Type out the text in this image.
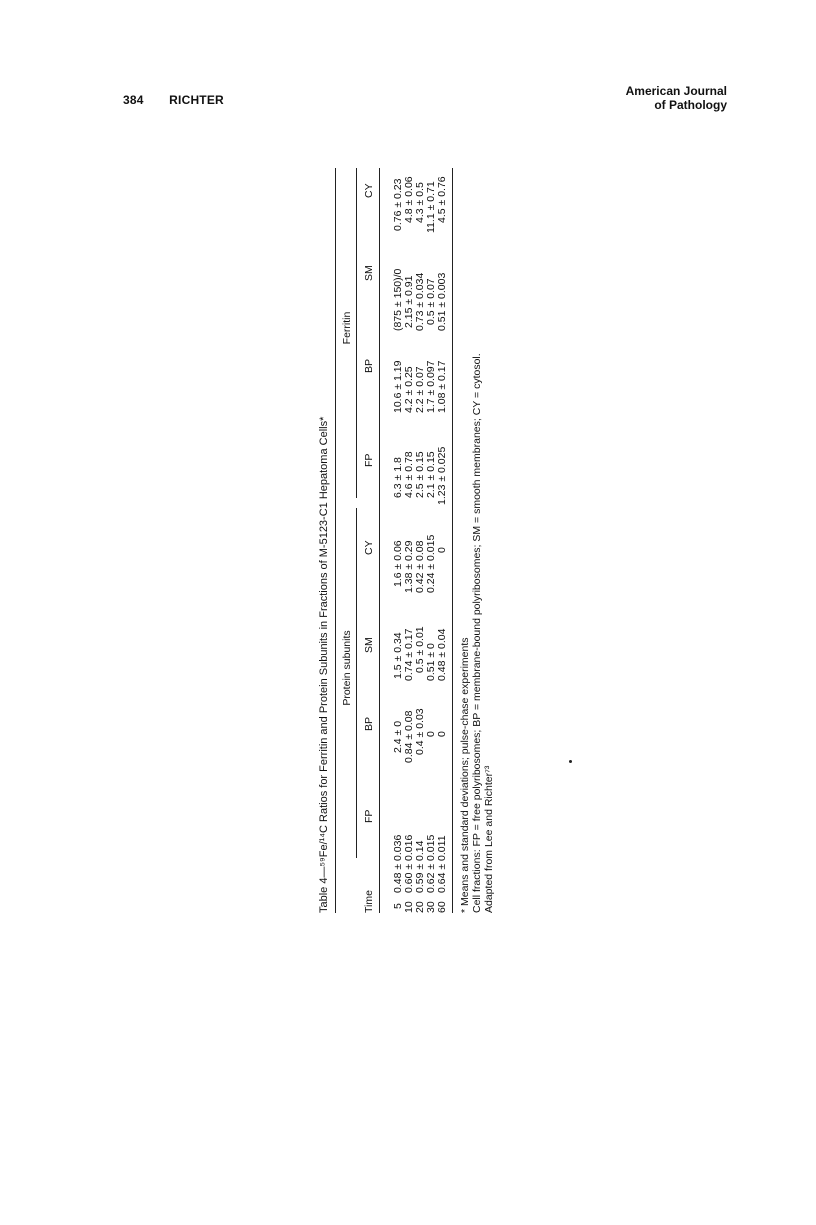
384 RICHTER
American Journal
of Pathology
Table 4—⁵⁹Fe/¹⁴C Ratios for Ferritin and Protein Subunits in Fractions of M-5123-C1 Hepatoma Cells* Protein subunits
Ferritin
Time
FP
BP
SM
CY
FP
BP
SM
CY
5
0.48 ± 0.036
2.4 ± 0
1.5 ± 0.34
1.6 ± 0.06
6.3 ± 1.8
10.6 ± 1.19
(875 ± 150)/0
0.76 ± 0.23
10
0.60 ± 0.016
0.84 ± 0.08
0.74 ± 0.17
1.38 ± 0.29
4.6 ± 0.78
4.2 ± 0.25
2.15 ± 0.91
4.8 ± 0.06
20
0.59 ± 0.14
0.4 ± 0.03
0.5 ± 0.01
0.42 ± 0.08
2.5 ± 0.15
2.2 ± 0.07
0.73 ± 0.034
4.3 ± 0.5
30
0.62 ± 0.015
0
0.51 ± 0
0.24 ± 0.015
2.1 ± 0.15
1.7 ± 0.097
0.5 ± 0.07
11.1 ± 0.71
60
0.64 ± 0.011
0
0.48 ± 0.04
0
1.23 ± 0.025
1.08 ± 0.17
0.51 ± 0.003
4.5 ± 0.76
* Means and standard deviations; pulse-chase experiments Cell fractions: FP = free polyribosomes; BP = membrane-bound polyribosomes; SM = smooth membranes; CY = cytosol. Adapted from Lee and Richter⁷³
